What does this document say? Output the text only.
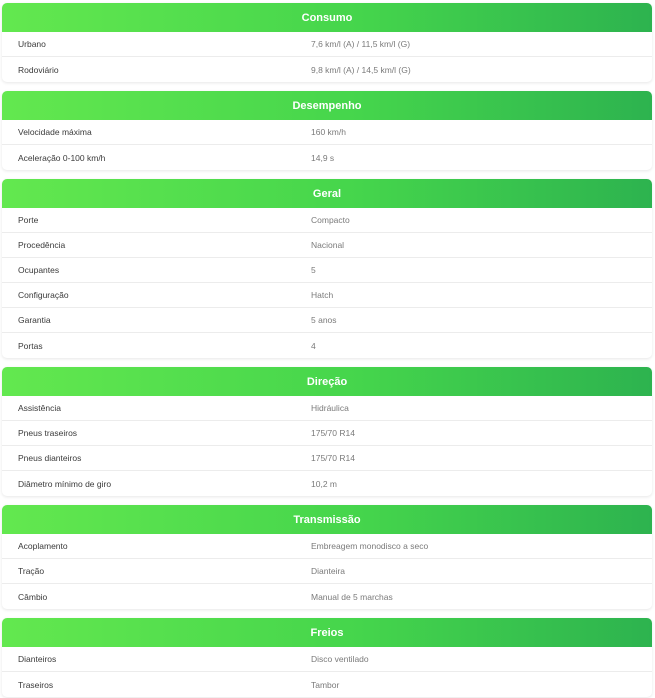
Consumo
Urbano	7,6 km/l (A) / 11,5 km/l (G)
Rodoviário	9,8 km/l (A) / 14,5 km/l (G)
Desempenho
Velocidade máxima	160 km/h
Aceleração 0-100 km/h	14,9 s
Geral
Porte	Compacto
Procedência	Nacional
Ocupantes	5
Configuração	Hatch
Garantia	5 anos
Portas	4
Direção
Assistência	Hidráulica
Pneus traseiros	175/70 R14
Pneus dianteiros	175/70 R14
Diâmetro mínimo de giro	10,2 m
Transmissão
Acoplamento	Embreagem monodisco a seco
Tração	Dianteira
Câmbio	Manual de 5 marchas
Freios
Dianteiros	Disco ventilado
Traseiros	Tambor
